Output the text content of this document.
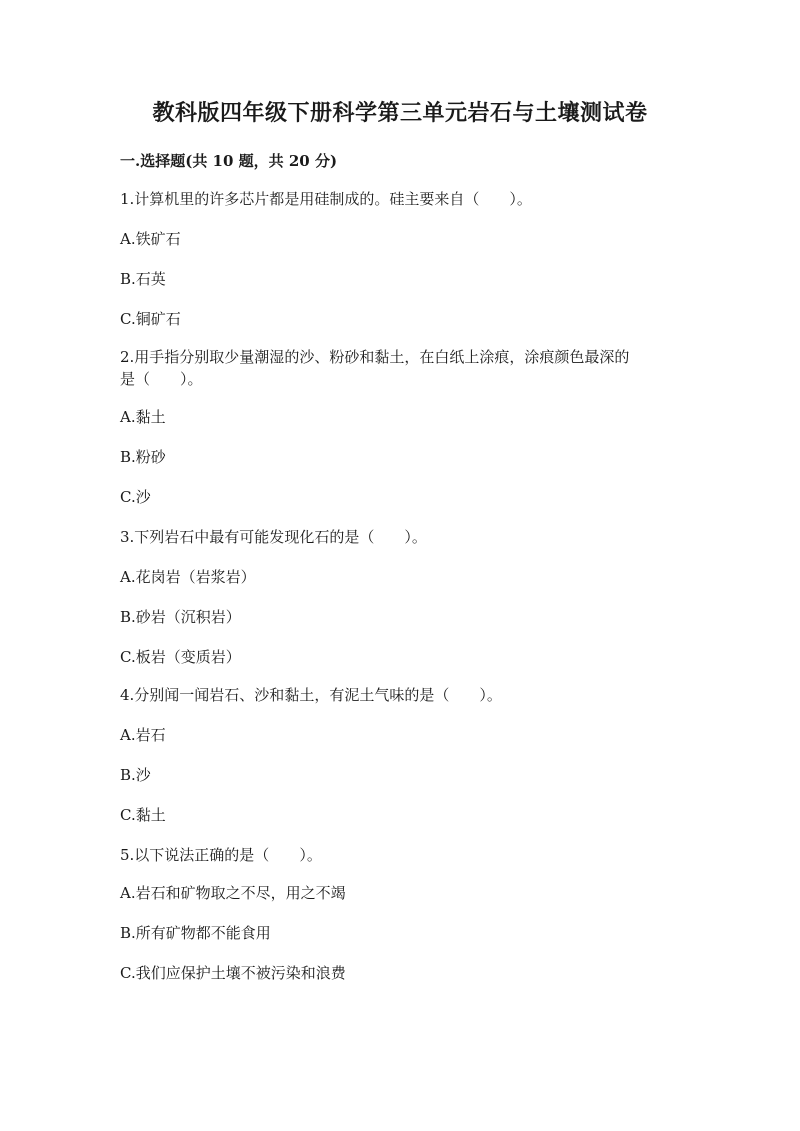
教科版四年级下册科学第三单元岩石与土壤测试卷
一.选择题(共 10 题，共 20 分)

1.计算机里的许多芯片都是用硅制成的。硅主要来自（　　）。

A.铁矿石

B.石英

C.铜矿石

2.用手指分别取少量潮湿的沙、粉砂和黏土，在白纸上涂痕，涂痕颜色最深的

是（　　）。

A.黏土

B.粉砂

C.沙

3.下列岩石中最有可能发现化石的是（　　）。

A.花岗岩（岩浆岩）

B.砂岩（沉积岩）

C.板岩（变质岩）

4.分别闻一闻岩石、沙和黏土，有泥土气味的是（　　）。

A.岩石

B.沙

C.黏土

5.以下说法正确的是（　　）。

A.岩石和矿物取之不尽，用之不竭

B.所有矿物都不能食用

C.我们应保护土壤不被污染和浪费
